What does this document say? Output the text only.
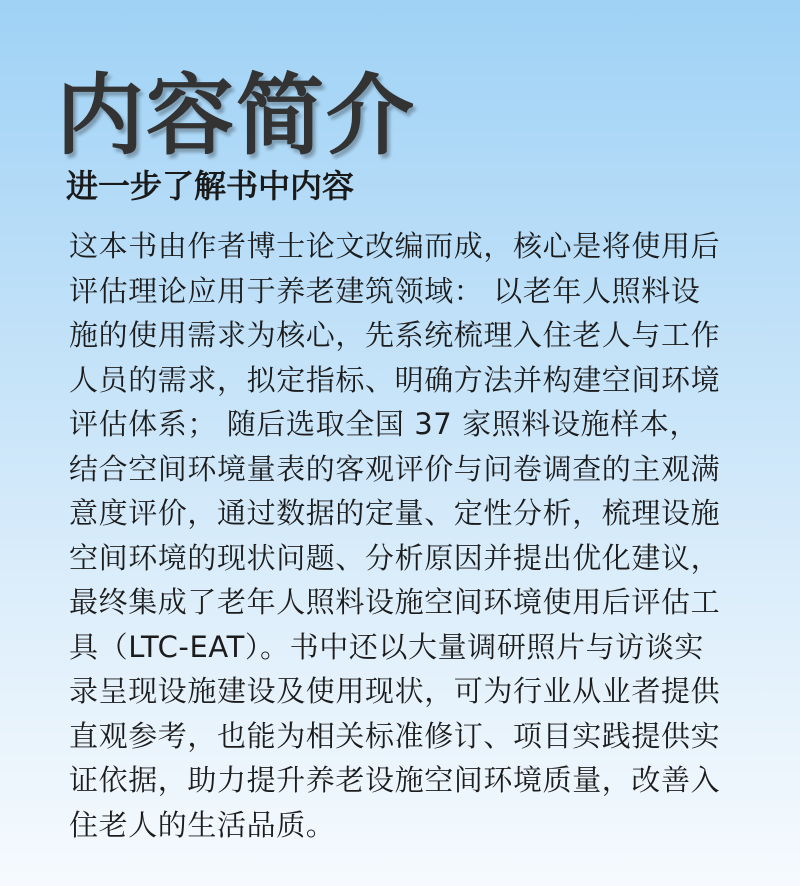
内容简介
进一步了解书中内容
这本书由作者博士论文改编而成，核心是将使用后
评估理论应用于养老建筑领域： 以老年人照料设
施的使用需求为核心，先系统梳理入住老人与工作
人员的需求，拟定指标、明确方法并构建空间环境
评估体系； 随后选取全国 37 家照料设施样本，
结合空间环境量表的客观评价与问卷调查的主观满
意度评价，通过数据的定量、定性分析，梳理设施
空间环境的现状问题、分析原因并提出优化建议，
最终集成了老年人照料设施空间环境使用后评估工
具（LTC-EAT）。书中还以大量调研照片与访谈实
录呈现设施建设及使用现状，可为行业从业者提供
直观参考，也能为相关标准修订、项目实践提供实
证依据，助力提升养老设施空间环境质量，改善入
住老人的生活品质。
